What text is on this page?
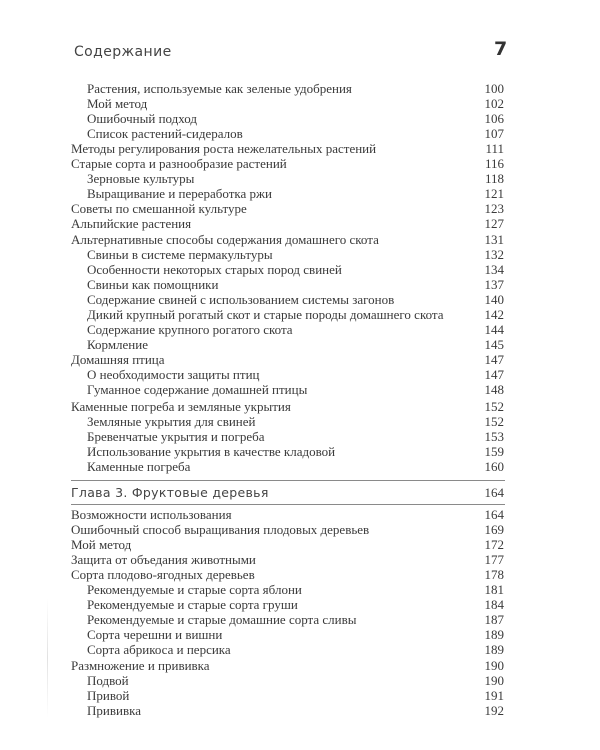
Содержание	7
Растения, используемые как зеленые удобрения	100
Мой метод	102
Ошибочный подход	106
Список растений-сидералов	107
Методы регулирования роста нежелательных растений	111
Старые сорта и разнообразие растений	116
Зерновые культуры	118
Выращивание и переработка ржи	121
Советы по смешанной культуре	123
Альпийские растения	127
Альтернативные способы содержания домашнего скота	131
Свиньи в системе пермакультуры	132
Особенности некоторых старых пород свиней	134
Свиньи как помощники	137
Содержание свиней с использованием системы загонов	140
Дикий крупный рогатый скот и старые породы домашнего скота	142
Содержание крупного рогатого скота	144
Кормление	145
Домашняя птица	147
О необходимости защиты птиц	147
Гуманное содержание домашней птицы	148
Каменные погреба и земляные укрытия	152
Земляные укрытия для свиней	152
Бревенчатые укрытия и погреба	153
Использование укрытия в качестве кладовой	159
Каменные погреба	160
Глава 3. Фруктовые деревья	164
Возможности использования	164
Ошибочный способ выращивания плодовых деревьев	169
Мой метод	172
Защита от объедания животными	177
Сорта плодово-ягодных деревьев	178
Рекомендуемые и старые сорта яблони	181
Рекомендуемые и старые сорта груши	184
Рекомендуемые и старые домашние сорта сливы	187
Сорта черешни и вишни	189
Сорта абрикоса и персика	189
Размножение и прививка	190
Подвой	190
Привой	191
Прививка	192
